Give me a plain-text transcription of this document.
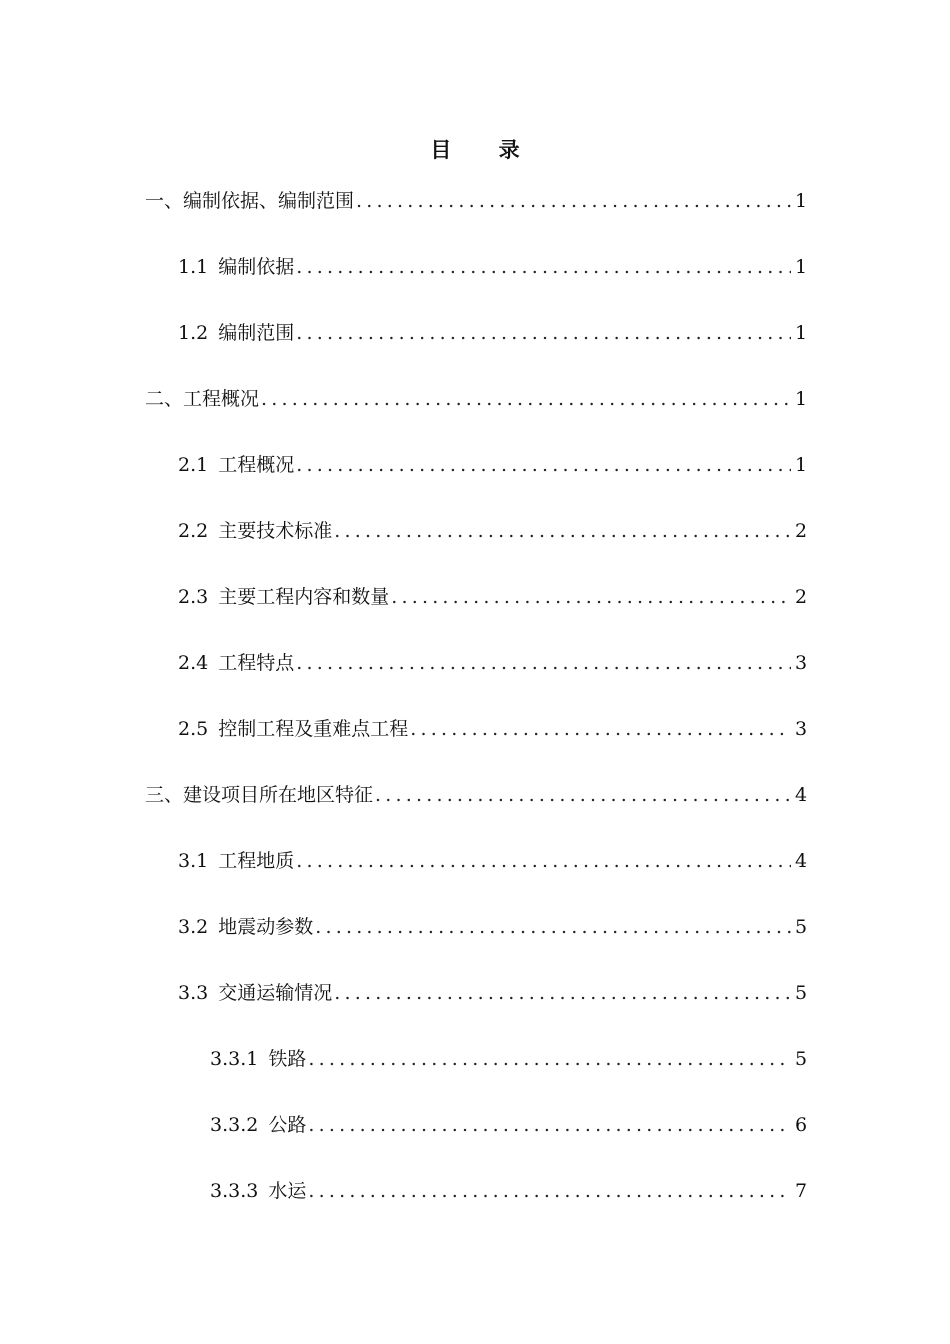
目 录
一、编制依据、编制范围 .....	1
1.1 编制依据 .....	1
1.2 编制范围 .....	1
二、工程概况 .....	1
2.1 工程概况 .....	1
2.2 主要技术标准 .....	2
2.3 主要工程内容和数量 .....	2
2.4 工程特点 .....	3
2.5 控制工程及重难点工程 .....	3
三、建设项目所在地区特征 .....	4
3.1 工程地质 .....	4
3.2 地震动参数 .....	5
3.3 交通运输情况 .....	5
3.3.1 铁路 .....	5
3.3.2 公路 .....	6
3.3.3 水运 .....	7
